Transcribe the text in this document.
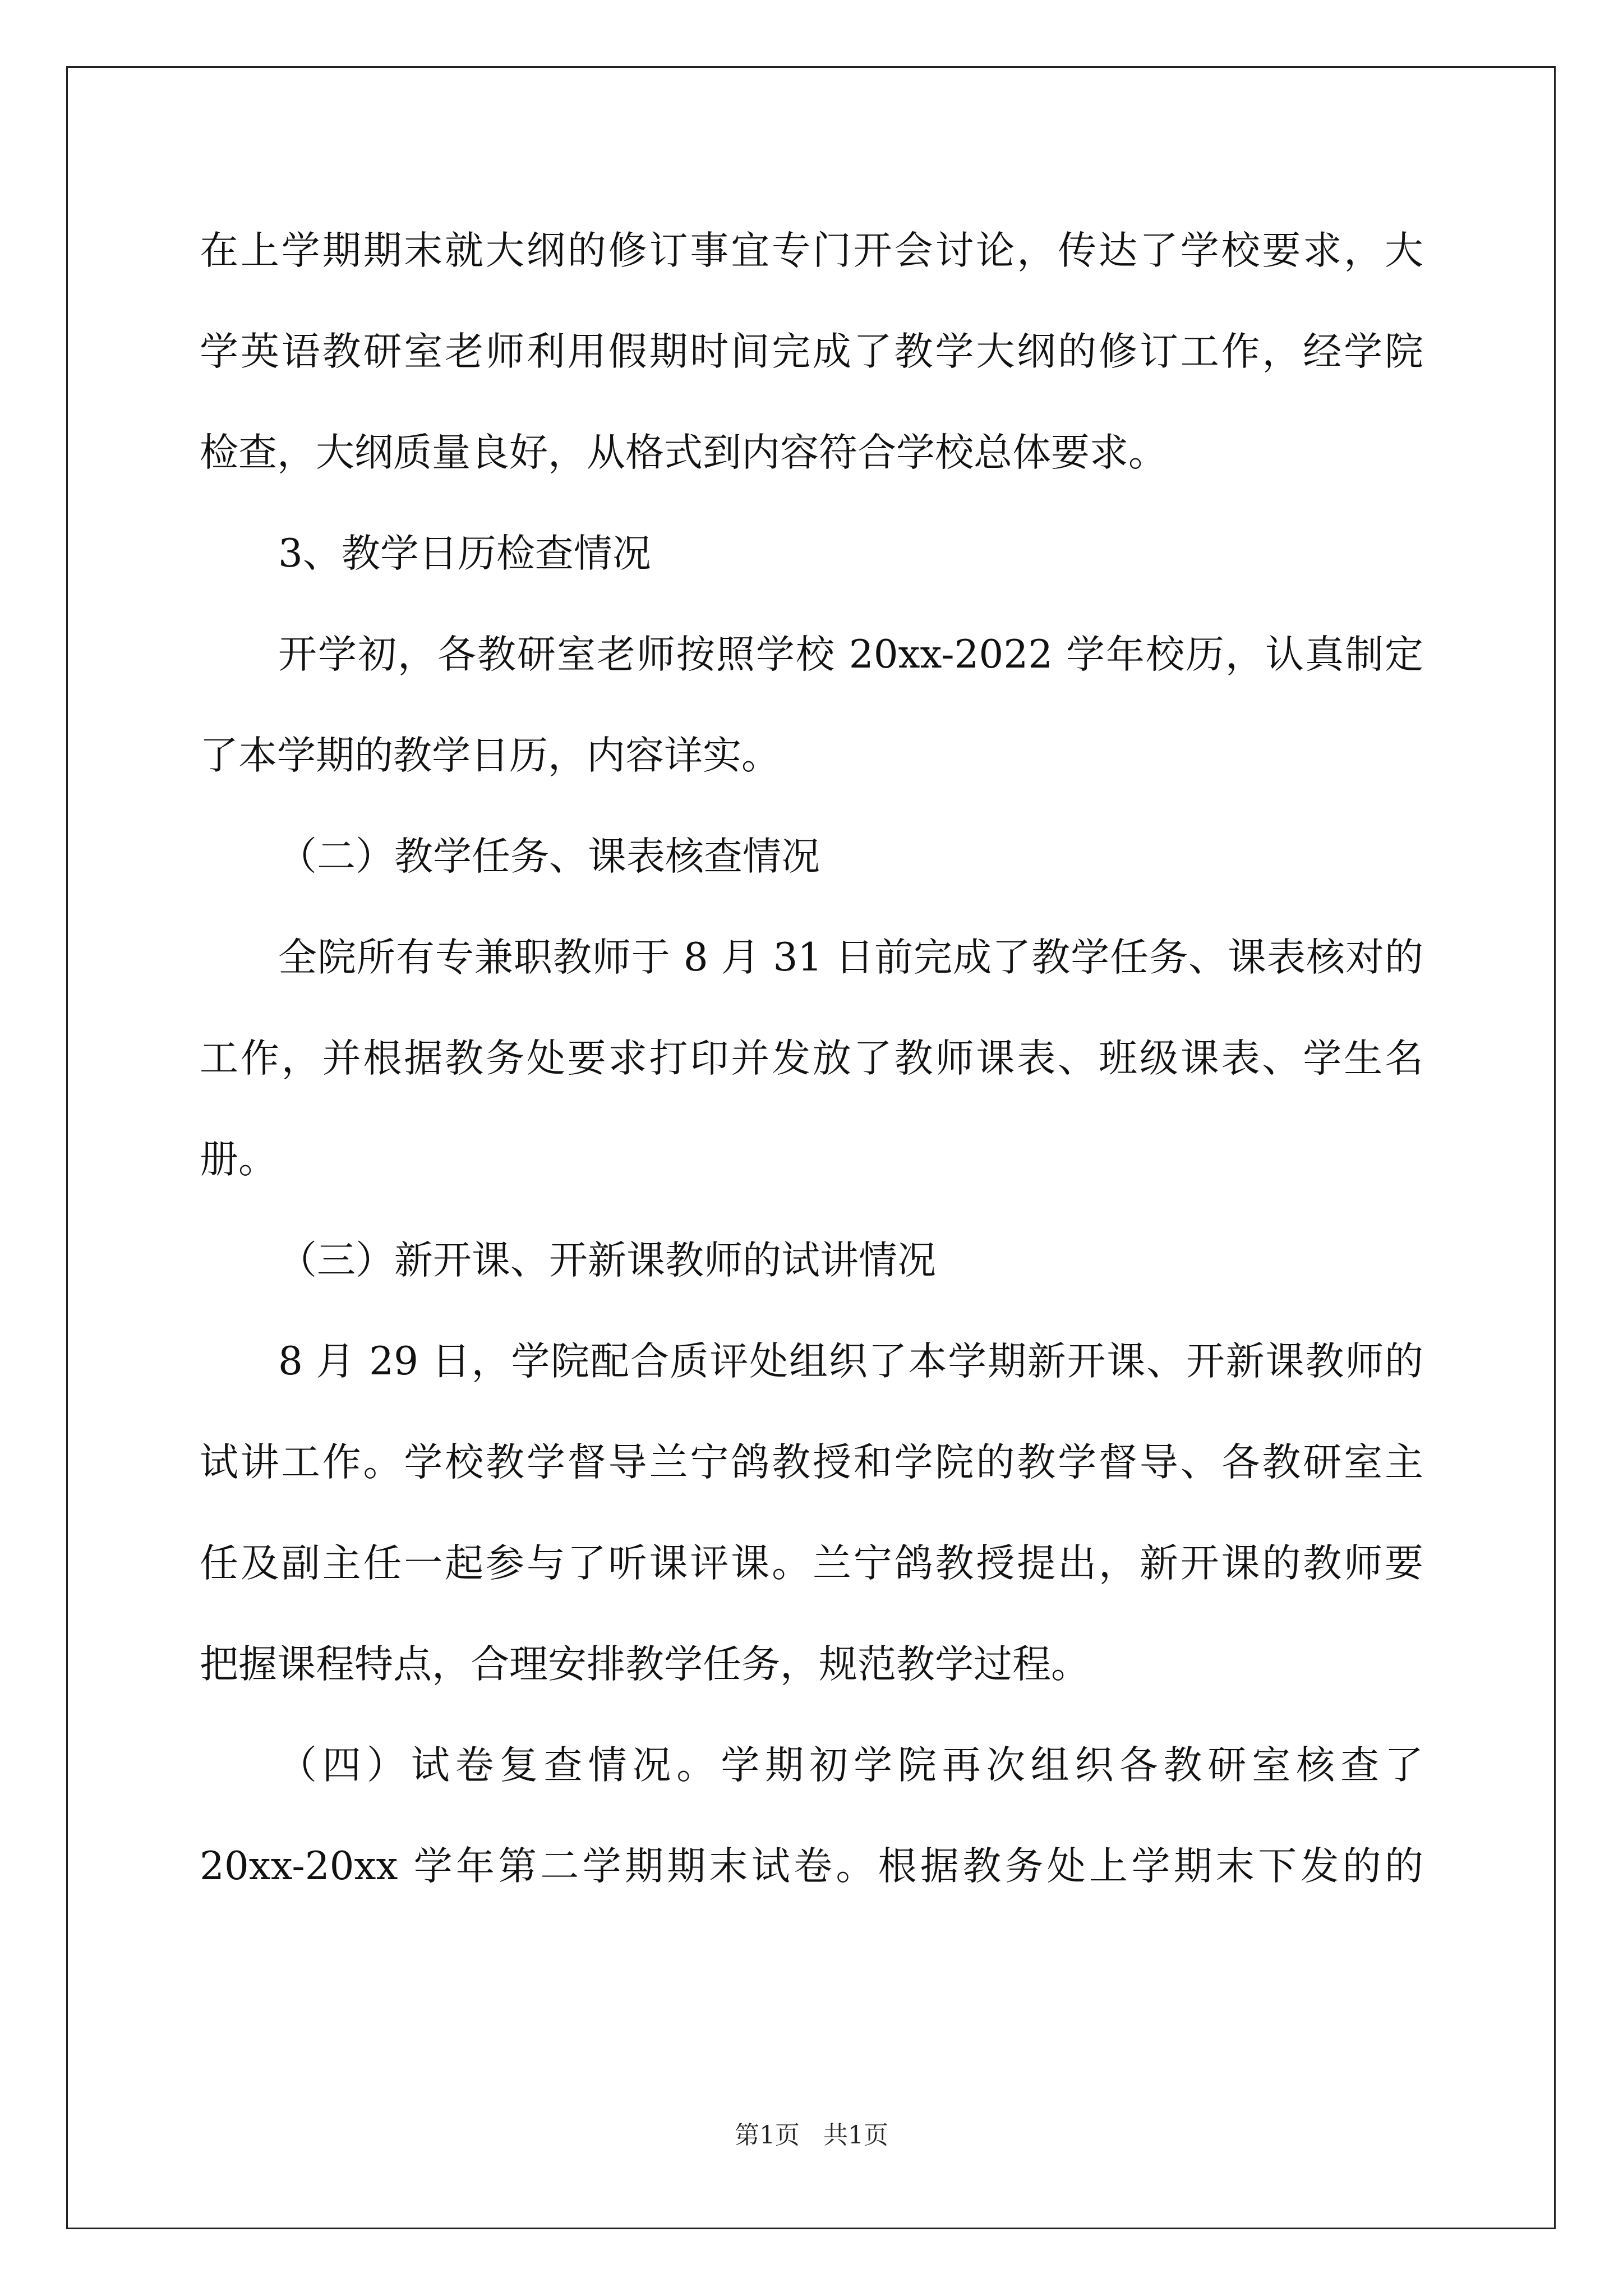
在上学期期末就大纲的修订事宜专门开会讨论，传达了学校要求，大
学英语教研室老师利用假期时间完成了教学大纲的修订工作，经学院
检查，大纲质量良好，从格式到内容符合学校总体要求。
3、教学日历检查情况
开学初，各教研室老师按照学校 20xx-2022 学年校历，认真制定
了本学期的教学日历，内容详实。
（二）教学任务、课表核查情况
全院所有专兼职教师于 8 月 31 日前完成了教学任务、课表核对的
工作，并根据教务处要求打印并发放了教师课表、班级课表、学生名
册。
（三）新开课、开新课教师的试讲情况
8 月 29 日，学院配合质评处组织了本学期新开课、开新课教师的
试讲工作。学校教学督导兰宁鸽教授和学院的教学督导、各教研室主
任及副主任一起参与了听课评课。兰宁鸽教授提出，新开课的教师要
把握课程特点，合理安排教学任务，规范教学过程。
（四）试卷复查情况。学期初学院再次组织各教研室核查了
20xx-20xx 学年第二学期期末试卷。根据教务处上学期末下发的的
第1页   共1页
